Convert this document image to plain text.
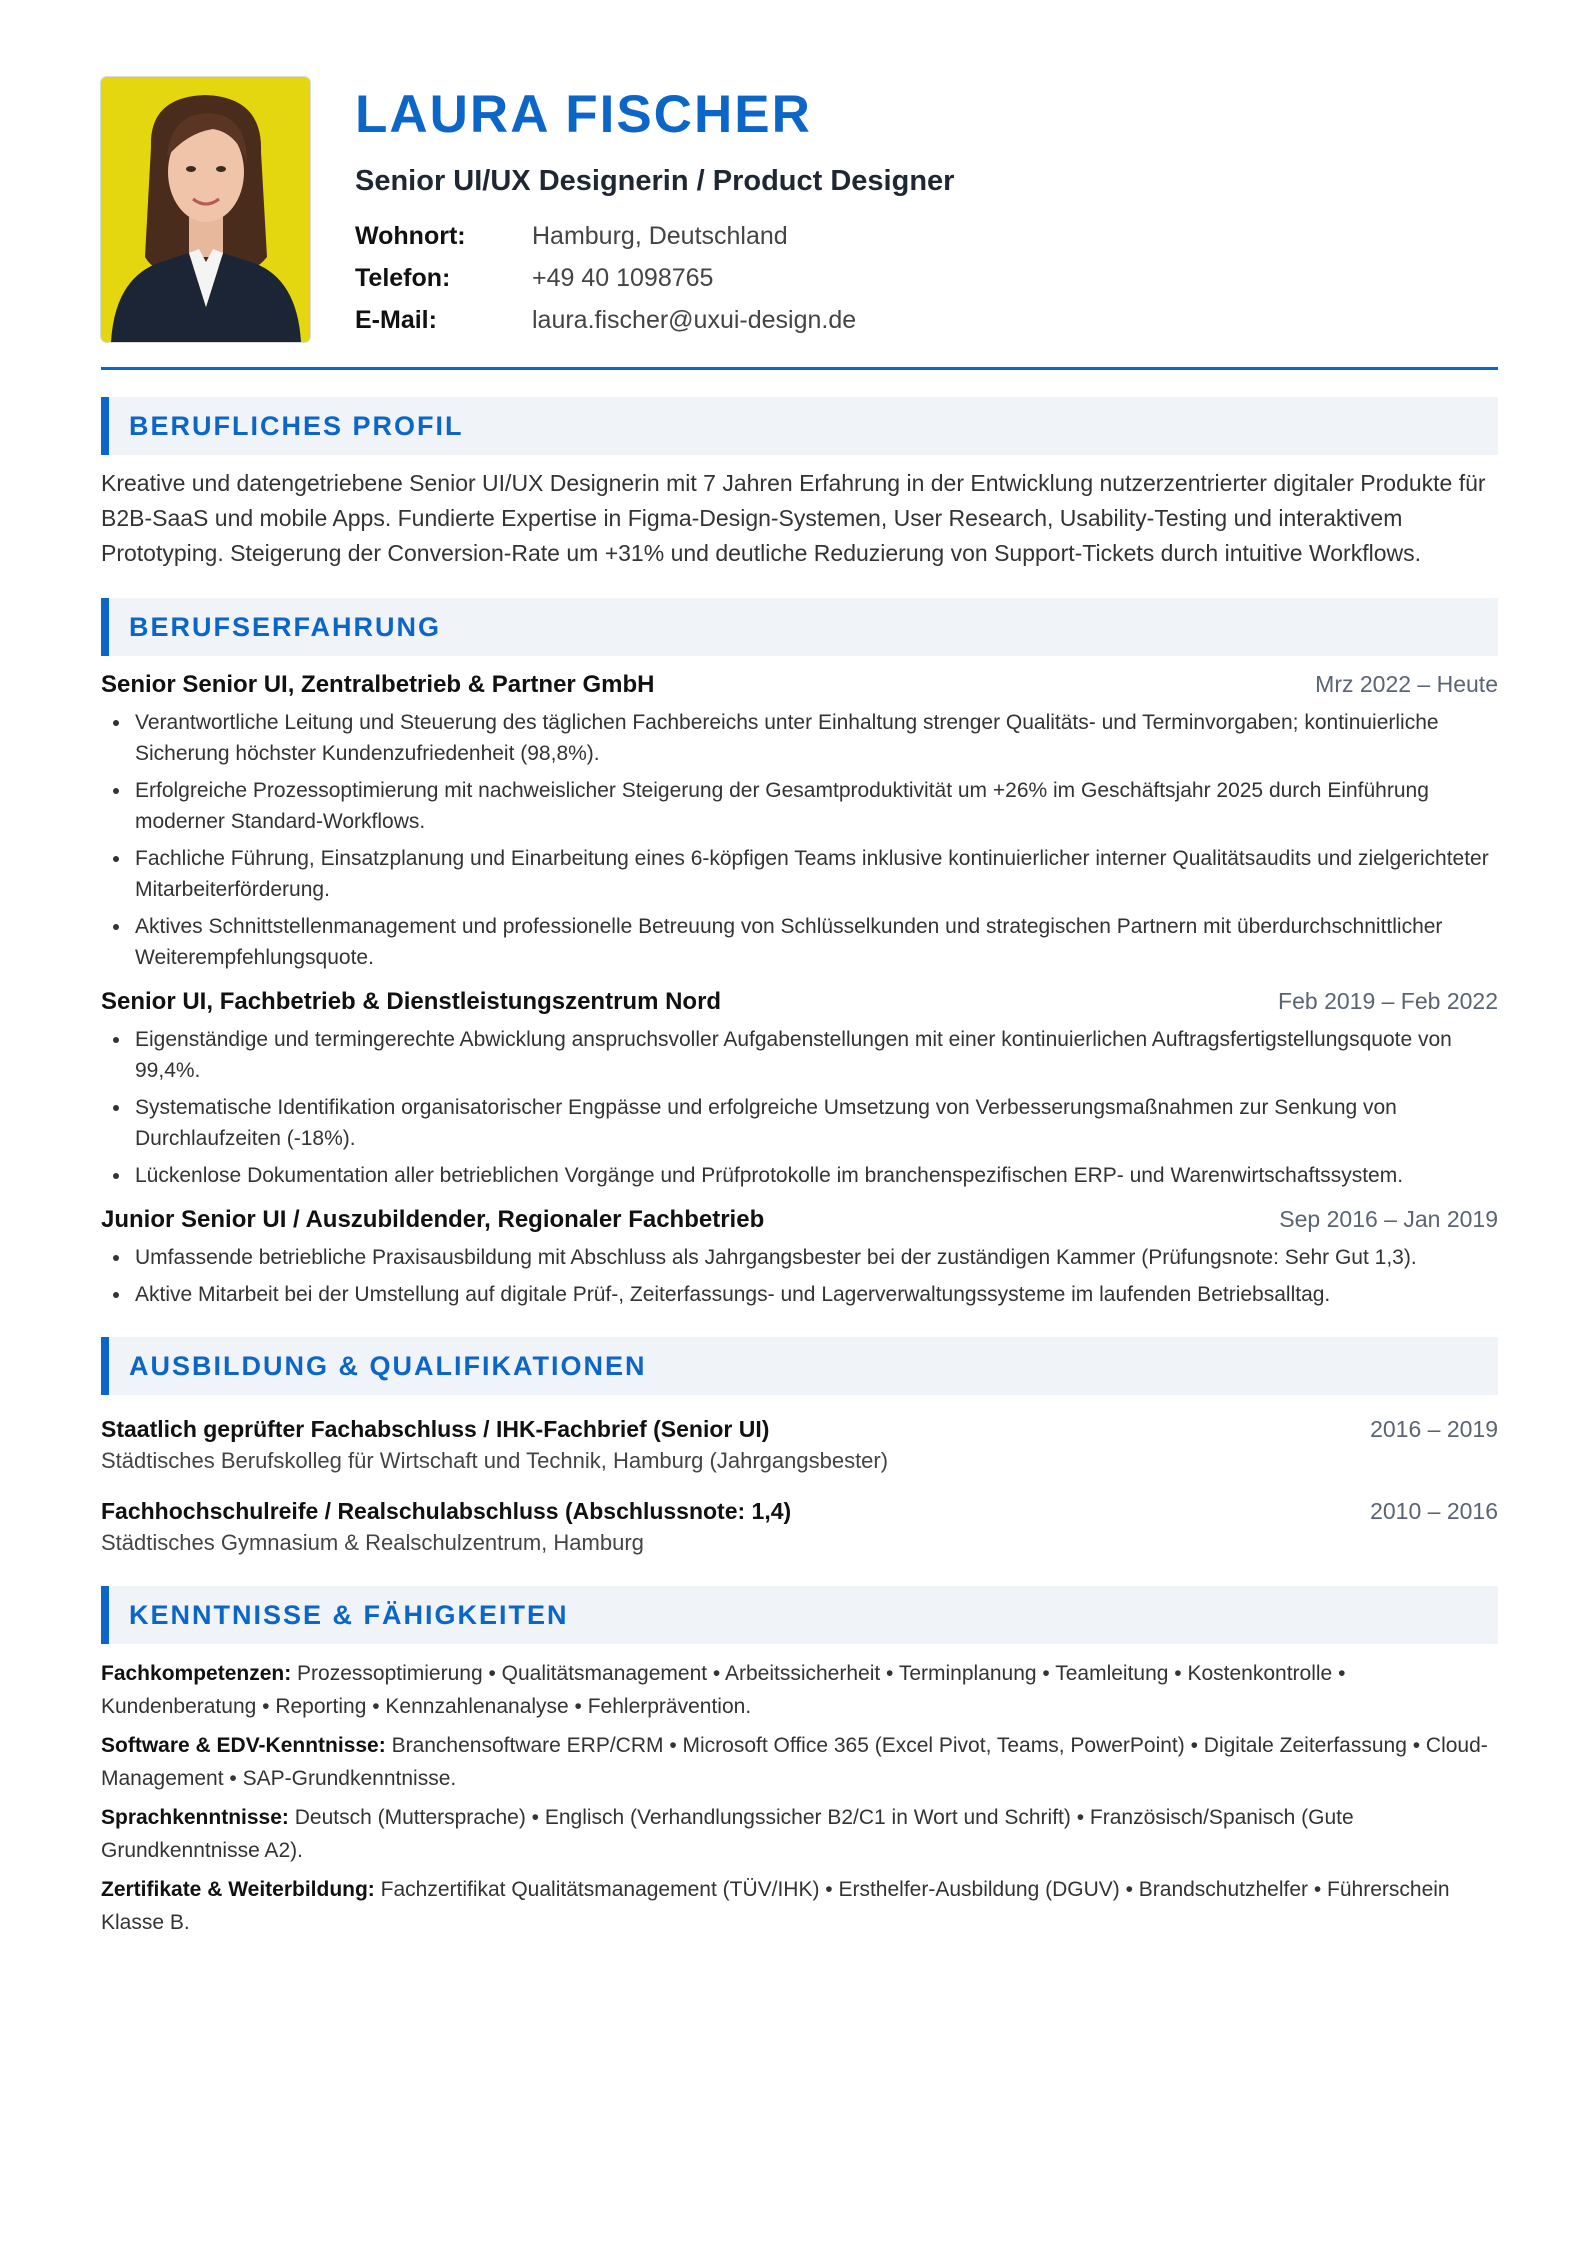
LAURA FISCHER
Senior UI/UX Designerin / Product Designer
Wohnort:	Hamburg, Deutschland
Telefon:	+49 40 1098765
E-Mail:	laura.fischer@uxui-design.de
BERUFLICHES PROFIL
Kreative und datengetriebene Senior UI/UX Designerin mit 7 Jahren Erfahrung in der Entwicklung nutzerzentrierter digitaler Produkte für B2B-SaaS und mobile Apps. Fundierte Expertise in Figma-Design-Systemen, User Research, Usability-Testing und interaktivem Prototyping. Steigerung der Conversion-Rate um +31% und deutliche Reduzierung von Support-Tickets durch intuitive Workflows.
BERUFSERFAHRUNG
Senior Senior UI, Zentralbetrieb & Partner GmbH	Mrz 2022 – Heute
Verantwortliche Leitung und Steuerung des täglichen Fachbereichs unter Einhaltung strenger Qualitäts- und Terminvorgaben; kontinuierliche Sicherung höchster Kundenzufriedenheit (98,8%).
Erfolgreiche Prozessoptimierung mit nachweislicher Steigerung der Gesamtproduktivität um +26% im Geschäftsjahr 2025 durch Einführung moderner Standard-Workflows.
Fachliche Führung, Einsatzplanung und Einarbeitung eines 6-köpfigen Teams inklusive kontinuierlicher interner Qualitätsaudits und zielgerichteter Mitarbeiterförderung.
Aktives Schnittstellenmanagement und professionelle Betreuung von Schlüsselkunden und strategischen Partnern mit überdurchschnittlicher Weiterempfehlungsquote.
Senior UI, Fachbetrieb & Dienstleistungszentrum Nord	Feb 2019 – Feb 2022
Eigenständige und termingerechte Abwicklung anspruchsvoller Aufgabenstellungen mit einer kontinuierlichen Auftragsfertigstellungsquote von 99,4%.
Systematische Identifikation organisatorischer Engpässe und erfolgreiche Umsetzung von Verbesserungsmaßnahmen zur Senkung von Durchlaufzeiten (-18%).
Lückenlose Dokumentation aller betrieblichen Vorgänge und Prüfprotokolle im branchenspezifischen ERP- und Warenwirtschaftssystem.
Junior Senior UI / Auszubildender, Regionaler Fachbetrieb	Sep 2016 – Jan 2019
Umfassende betriebliche Praxisausbildung mit Abschluss als Jahrgangsbester bei der zuständigen Kammer (Prüfungsnote: Sehr Gut 1,3).
Aktive Mitarbeit bei der Umstellung auf digitale Prüf-, Zeiterfassungs- und Lagerverwaltungssysteme im laufenden Betriebsalltag.
AUSBILDUNG & QUALIFIKATIONEN
Staatlich geprüfter Fachabschluss / IHK-Fachbrief (Senior UI)	2016 – 2019
Städtisches Berufskolleg für Wirtschaft und Technik, Hamburg (Jahrgangsbester)
Fachhochschulreife / Realschulabschluss (Abschlussnote: 1,4)	2010 – 2016
Städtisches Gymnasium & Realschulzentrum, Hamburg
KENNTNISSE & FÄHIGKEITEN
Fachkompetenzen: Prozessoptimierung • Qualitätsmanagement • Arbeitssicherheit • Terminplanung • Teamleitung • Kostenkontrolle • Kundenberatung • Reporting • Kennzahlenanalyse • Fehlerprävention.
Software & EDV-Kenntnisse: Branchensoftware ERP/CRM • Microsoft Office 365 (Excel Pivot, Teams, PowerPoint) • Digitale Zeiterfassung • Cloud-Management • SAP-Grundkenntnisse.
Sprachkenntnisse: Deutsch (Muttersprache) • Englisch (Verhandlungssicher B2/C1 in Wort und Schrift) • Französisch/Spanisch (Gute Grundkenntnisse A2).
Zertifikate & Weiterbildung: Fachzertifikat Qualitätsmanagement (TÜV/IHK) • Ersthelfer-Ausbildung (DGUV) • Brandschutzhelfer • Führerschein Klasse B.
